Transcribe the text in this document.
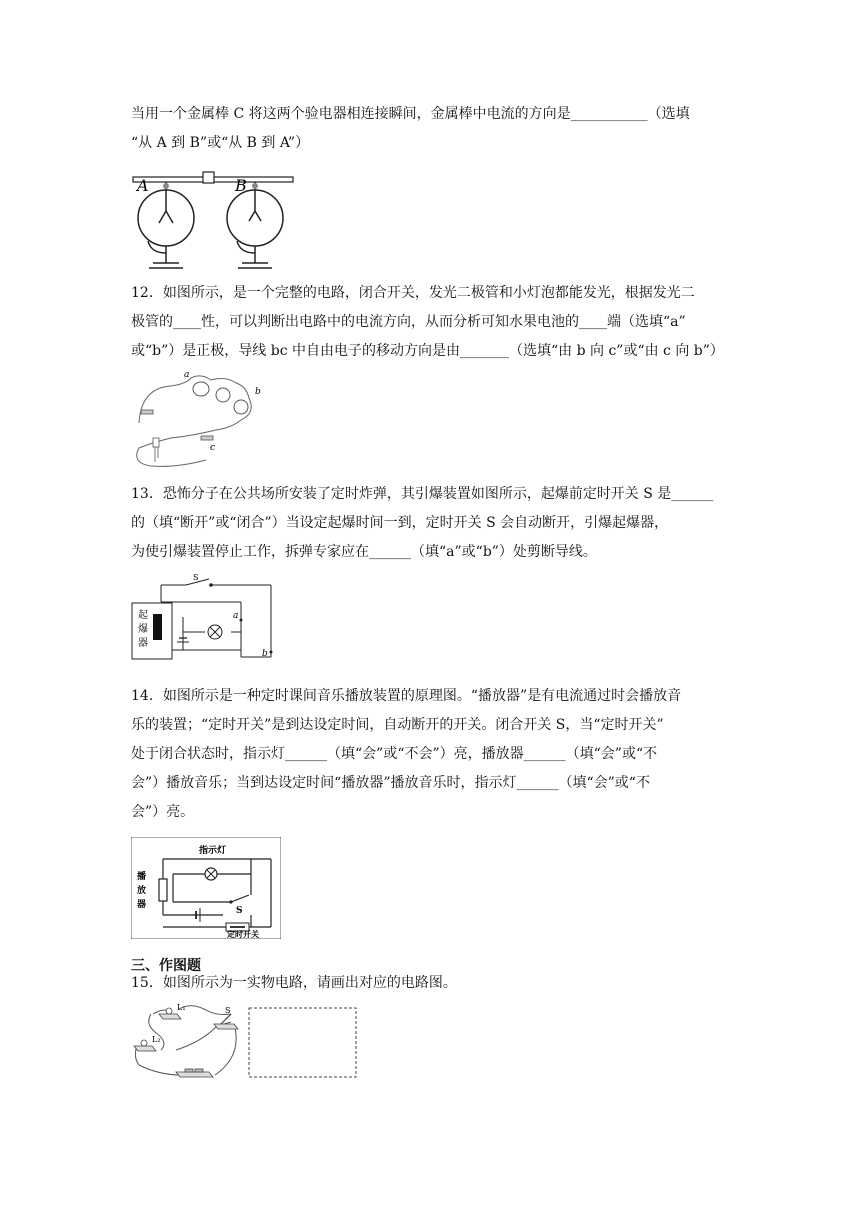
当用一个金属棒 C 将这两个验电器相连接瞬间，金属棒中电流的方向是___________（选填

“从 A 到 B”或“从 B 到 A”）

A	B

12．如图所示，是一个完整的电路，闭合开关，发光二极管和小灯泡都能发光，根据发光二

极管的____性，可以判断出电路中的电流方向，从而分析可知水果电池的____端（选填“a”

或“b”）是正极，导线 bc 中自由电子的移动方向是由_______（选填“由 b 向 c”或“由 c 向 b”）

a
b
c

13．恐怖分子在公共场所安装了定时炸弹，其引爆装置如图所示，起爆前定时开关 S 是______

的（填“断开”或“闭合”）当设定起爆时间一到，定时开关 S 会自动断开，引爆起爆器，

为使引爆装置停止工作，拆弹专家应在______（填“a”或“b”）处剪断导线。

起
爆
器
S
a
b

14．如图所示是一种定时课间音乐播放装置的原理图。“播放器”是有电流通过时会播放音

乐的装置；“定时开关”是到达设定时间，自动断开的开关。闭合开关 S，当“定时开关”

处于闭合状态时，指示灯______（填“会”或“不会”）亮，播放器______（填“会”或“不

会”）播放音乐；当到达设定时间“播放器”播放音乐时，指示灯______（填“会”或“不

会”）亮。

指示灯
播
放
器
S
定时开关
三、作图题

15．如图所示为一实物电路，请画出对应的电路图。

L₁
L₂
S
